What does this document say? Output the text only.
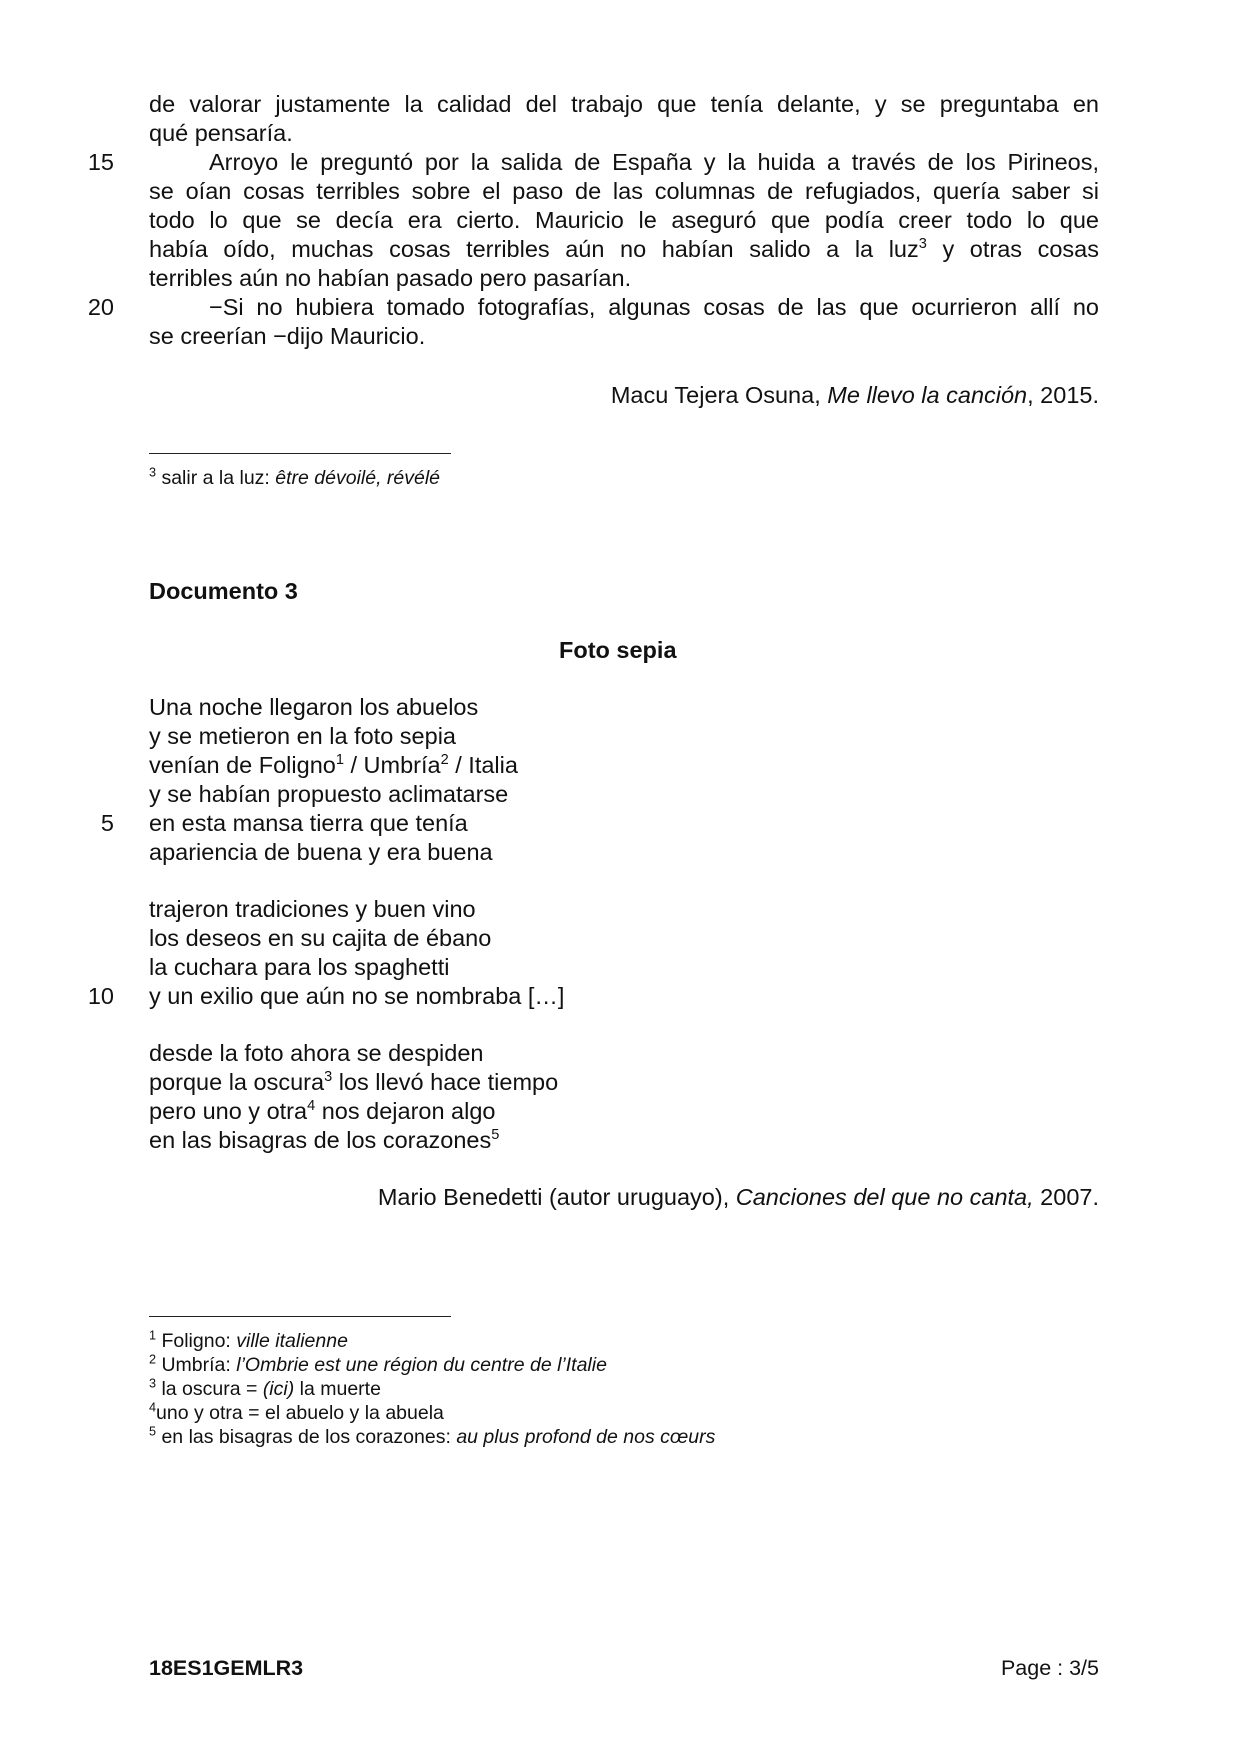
de valorar justamente la calidad del trabajo que tenía delante, y se preguntaba en
qué pensaría.
15	Arroyo le preguntó por la salida de España y la huida a través de los Pirineos,
se oían cosas terribles sobre el paso de las columnas de refugiados, quería saber si
todo lo que se decía era cierto. Mauricio le aseguró que podía creer todo lo que
había oído, muchas cosas terribles aún no habían salido a la luz$^3$ y otras cosas
terribles aún no habían pasado pero pasarían.
20	−Si no hubiera tomado fotografías, algunas cosas de las que ocurrieron allí no
se creerían −dijo Mauricio.
Macu Tejera Osuna, Me llevo la canción, 2015.
$^3$ salir a la luz: être dévoilé, révélé
Documento 3
Foto sepia
Una noche llegaron los abuelos
y se metieron en la foto sepia
venían de Foligno$^1$ / Umbría$^2$ / Italia
y se habían propuesto aclimatarse
5 en esta mansa tierra que tenía
apariencia de buena y era buena
trajeron tradiciones y buen vino
los deseos en su cajita de ébano
la cuchara para los spaghetti
10 y un exilio que aún no se nombraba […]
desde la foto ahora se despiden
porque la oscura$^3$ los llevó hace tiempo
pero uno y otra$^4$ nos dejaron algo
en las bisagras de los corazones$^5$
Mario Benedetti (autor uruguayo), Canciones del que no canta, 2007.
$^1$ Foligno: ville italienne
$^2$ Umbría: l’Ombrie est une région du centre de l’Italie
$^3$ la oscura = (ici) la muerte
$^4$uno y otra = el abuelo y la abuela
$^5$ en las bisagras de los corazones: au plus profond de nos cœurs
18ES1GEMLR3	Page : 3/5
